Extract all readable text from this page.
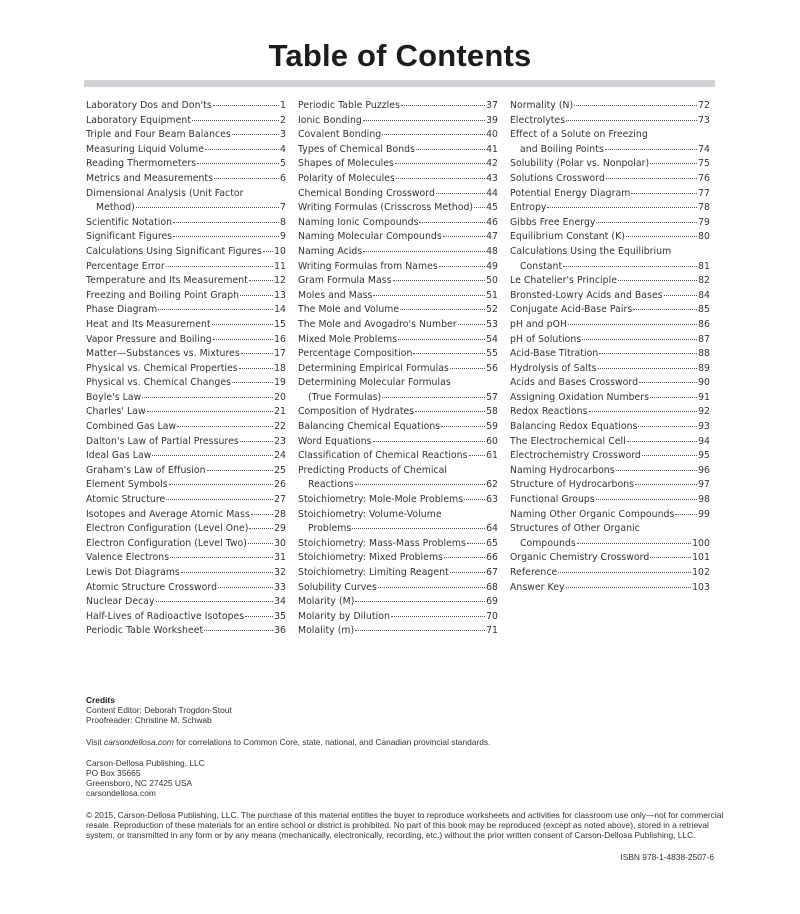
Table of Contents
Laboratory Dos and Don'ts	1
Laboratory Equipment	2
Triple and Four Beam Balances	3
Measuring Liquid Volume	4
Reading Thermometers	5
Metrics and Measurements	6
Dimensional Analysis (Unit Factor
Method)	7
Scientific Notation	8
Significant Figures	9
Calculations Using Significant Figures 10
Percentage Error	11
Temperature and Its Measurement	12
Freezing and Boiling Point Graph	13
Phase Diagram	14
Heat and Its Measurement	15
Vapor Pressure and Boiling	16
Matter—Substances vs. Mixtures	17
Physical vs. Chemical Properties	18
Physical vs. Chemical Changes	19
Boyle's Law	20
Charles' Law	21
Combined Gas Law	22
Dalton's Law of Partial Pressures	23
Ideal Gas Law	24
Graham's Law of Effusion	25
Element Symbols	26
Atomic Structure	27
Isotopes and Average Atomic Mass	28
Electron Configuration (Level One)	29
Electron Configuration (Level Two)	30
Valence Electrons	31
Lewis Dot Diagrams	32
Atomic Structure Crossword	33
Nuclear Decay	34
Half-Lives of Radioactive Isotopes	35
Periodic Table Worksheet	36
Periodic Table Puzzles	37
Ionic Bonding	39
Covalent Bonding	40
Types of Chemical Bonds	41
Shapes of Molecules	42
Polarity of Molecules	43
Chemical Bonding Crossword	44
Writing Formulas (Crisscross Method) 45
Naming Ionic Compounds	46
Naming Molecular Compounds	47
Naming Acids	48
Writing Formulas from Names	49
Gram Formula Mass	50
Moles and Mass	51
The Mole and Volume	52
The Mole and Avogadro's Number	53
Mixed Mole Problems	54
Percentage Composition	55
Determining Empirical Formulas	56
Determining Molecular Formulas
(True Formulas)	57
Composition of Hydrates	58
Balancing Chemical Equations	59
Word Equations	60
Classification of Chemical Reactions 61
Predicting Products of Chemical
Reactions	62
Stoichiometry: Mole-Mole Problems 63
Stoichiometry: Volume-Volume
Problems	64
Stoichiometry: Mass-Mass Problems 65
Stoichiometry: Mixed Problems	66
Stoichiometry: Limiting Reagent	67
Solubility Curves	68
Molarity (M)	69
Molarity by Dilution	70
Molality (m)	71
Normality (N)	72
Electrolytes	73
Effect of a Solute on Freezing
and Boiling Points	74
Solubility (Polar vs. Nonpolar)	75
Solutions Crossword	76
Potential Energy Diagram	77
Entropy	78
Gibbs Free Energy	79
Equilibrium Constant (K)	80
Calculations Using the Equilibrium
Constant	81
Le Chatelier's Principle	82
Bronsted-Lowry Acids and Bases	84
Conjugate Acid-Base Pairs	85
pH and pOH	86
pH of Solutions	87
Acid-Base Titration	88
Hydrolysis of Salts	89
Acids and Bases Crossword	90
Assigning Oxidation Numbers	91
Redox Reactions	92
Balancing Redox Equations	93
The Electrochemical Cell	94
Electrochemistry Crossword	95
Naming Hydrocarbons	96
Structure of Hydrocarbons	97
Functional Groups	98
Naming Other Organic Compounds	99
Structures of Other Organic
Compounds	100
Organic Chemistry Crossword	101
Reference	102
Answer Key	103
Credits
Content Editor: Deborah Trogdon-Stout
Proofreader: Christine M. Schwab
Visit carsondellosa.com for correlations to Common Core, state, national, and Canadian provincial standards.
Carson-Dellosa Publishing, LLC
PO Box 35665
Greensboro, NC 27425 USA
carsondellosa.com
© 2015, Carson-Dellosa Publishing, LLC. The purchase of this material entitles the buyer to reproduce worksheets and activities for classroom use only—not for commercial resale. Reproduction of these materials for an entire school or district is prohibited. No part of this book may be reproduced (except as noted above), stored in a retrieval system, or transmitted in any form or by any means (mechanically, electronically, recording, etc.) without the prior written consent of Carson-Dellosa Publishing, LLC.
ISBN 978-1-4838-2507-6
